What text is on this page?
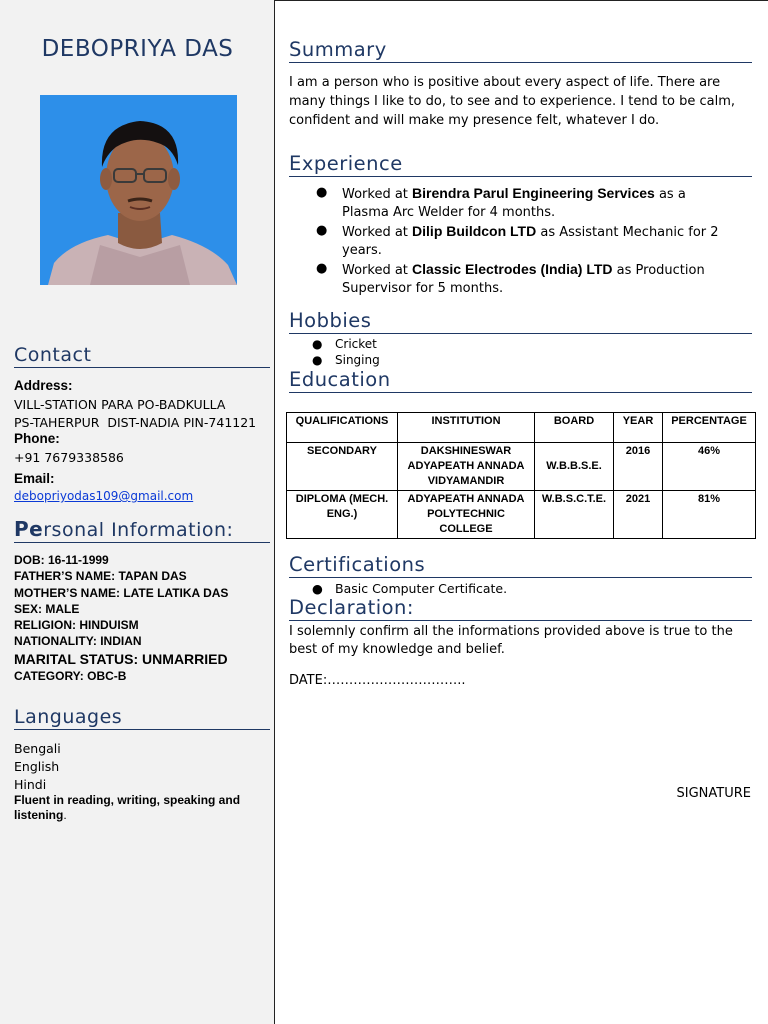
DEBOPRIYA DAS
Contact
Address:
VILL-STATION PARA PO-BADKULLA
PS-TAHERPUR  DIST-NADIA PIN-741121
Phone:
+91 7679338586
Email:
debopriyodas109@gmail.com
Personal Information:
DOB: 16-11-1999
FATHER’S NAME: TAPAN DAS
MOTHER’S NAME: LATE LATIKA DAS
SEX: MALE
RELIGION: HINDUISM
NATIONALITY: INDIAN
MARITAL STATUS: UNMARRIED
CATEGORY: OBC-B
Languages
Bengali
English
Hindi
Fluent in reading, writing, speaking and listening.
Summary
I am a person who is positive about every aspect of life. There are many things I like to do, to see and to experience. I tend to be calm, confident and will make my presence felt, whatever I do.
Experience
● Worked at Birendra Parul Engineering Services as a Plasma Arc Welder for 4 months.
● Worked at Dilip Buildcon LTD as Assistant Mechanic for 2 years.
● Worked at Classic Electrodes (India) LTD as Production Supervisor for 5 months.
Hobbies
● Cricket
● Singing
Education
QUALIFICATIONS	INSTITUTION	BOARD	YEAR	PERCENTAGE
SECONDARY	DAKSHINESWAR ADYAPEATH ANNADA VIDYAMANDIR	W.B.B.S.E.	2016	46%
DIPLOMA (MECH. ENG.)	ADYAPEATH ANNADA POLYTECHNIC COLLEGE	W.B.S.C.T.E.	2021	81%
Certifications
● Basic Computer Certificate.
Declaration:
I solemnly confirm all the informations provided above is true to the best of my knowledge and belief.
DATE:…………………………..
SIGNATURE
